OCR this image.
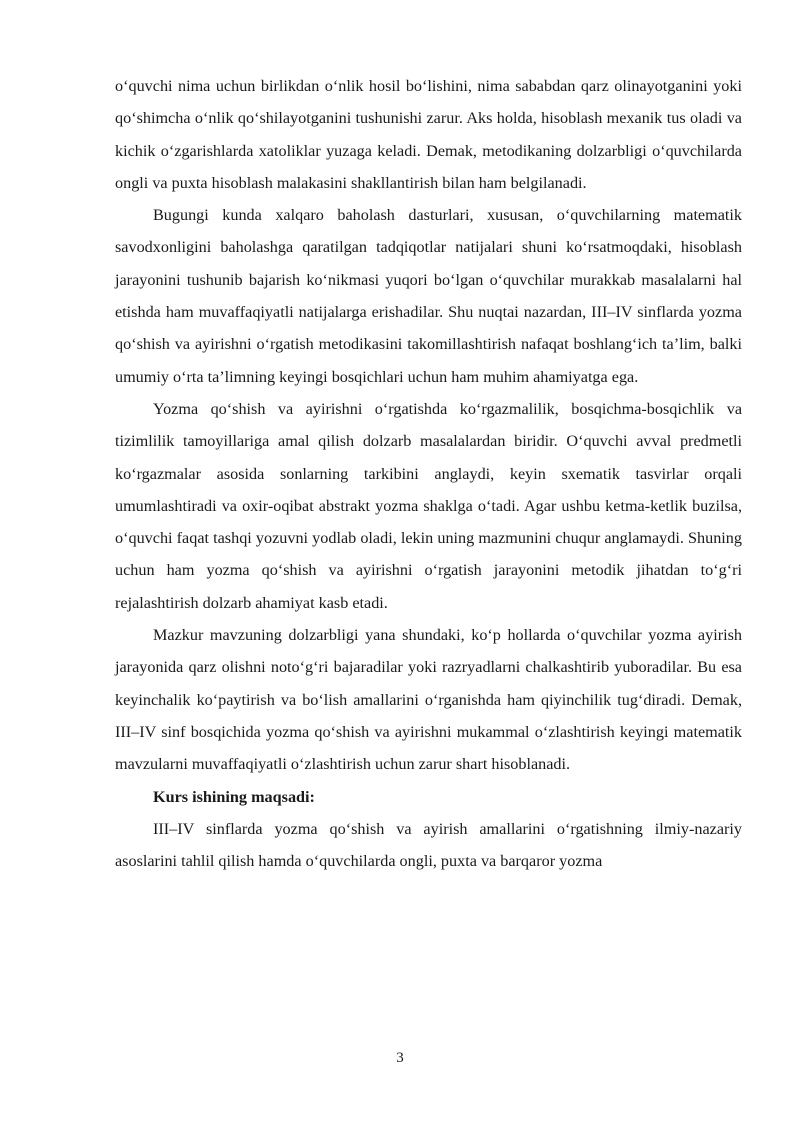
o‘quvchi nima uchun birlikdan o‘nlik hosil bo‘lishini, nima sababdan qarz olinayotganini yoki qo‘shimcha o‘nlik qo‘shilayotganini tushunishi zarur. Aks holda, hisoblash mexanik tus oladi va kichik o‘zgarishlarda xatoliklar yuzaga keladi. Demak, metodikaning dolzarbligi o‘quvchilarda ongli va puxta hisoblash malakasini shakllantirish bilan ham belgilanadi.

Bugungi kunda xalqaro baholash dasturlari, xususan, o‘quvchilarning matematik savodxonligini baholashga qaratilgan tadqiqotlar natijalari shuni ko‘rsatmoqdaki, hisoblash jarayonini tushunib bajarish ko‘nikmasi yuqori bo‘lgan o‘quvchilar murakkab masalalarni hal etishda ham muvaffaqiyatli natijalarga erishadilar. Shu nuqtai nazardan, III–IV sinflarda yozma qo‘shish va ayirishni o‘rgatish metodikasini takomillashtirish nafaqat boshlang‘ich ta’lim, balki umumiy o‘rta ta’limning keyingi bosqichlari uchun ham muhim ahamiyatga ega.

Yozma qo‘shish va ayirishni o‘rgatishda ko‘rgazmalilik, bosqichma-bosqichlik va tizimlilik tamoyillariga amal qilish dolzarb masalalardan biridir. O‘quvchi avval predmetli ko‘rgazmalar asosida sonlarning tarkibini anglaydi, keyin sxematik tasvirlar orqali umumlashtiradi va oxir-oqibat abstrakt yozma shaklga o‘tadi. Agar ushbu ketma-ketlik buzilsa, o‘quvchi faqat tashqi yozuvni yodlab oladi, lekin uning mazmunini chuqur anglamaydi. Shuning uchun ham yozma qo‘shish va ayirishni o‘rgatish jarayonini metodik jihatdan to‘g‘ri rejalashtirish dolzarb ahamiyat kasb etadi.

Mazkur mavzuning dolzarbligi yana shundaki, ko‘p hollarda o‘quvchilar yozma ayirish jarayonida qarz olishni noto‘g‘ri bajaradilar yoki razryadlarni chalkashtirib yuboradilar. Bu esa keyinchalik ko‘paytirish va bo‘lish amallarini o‘rganishda ham qiyinchilik tug‘diradi. Demak, III–IV sinf bosqichida yozma qo‘shish va ayirishni mukammal o‘zlashtirish keyingi matematik mavzularni muvaffaqiyatli o‘zlashtirish uchun zarur shart hisoblanadi.

Kurs ishining maqsadi:

III–IV sinflarda yozma qo‘shish va ayirish amallarini o‘rgatishning ilmiy-nazariy asoslarini tahlil qilish hamda o‘quvchilarda ongli, puxta va barqaror yozma

3
